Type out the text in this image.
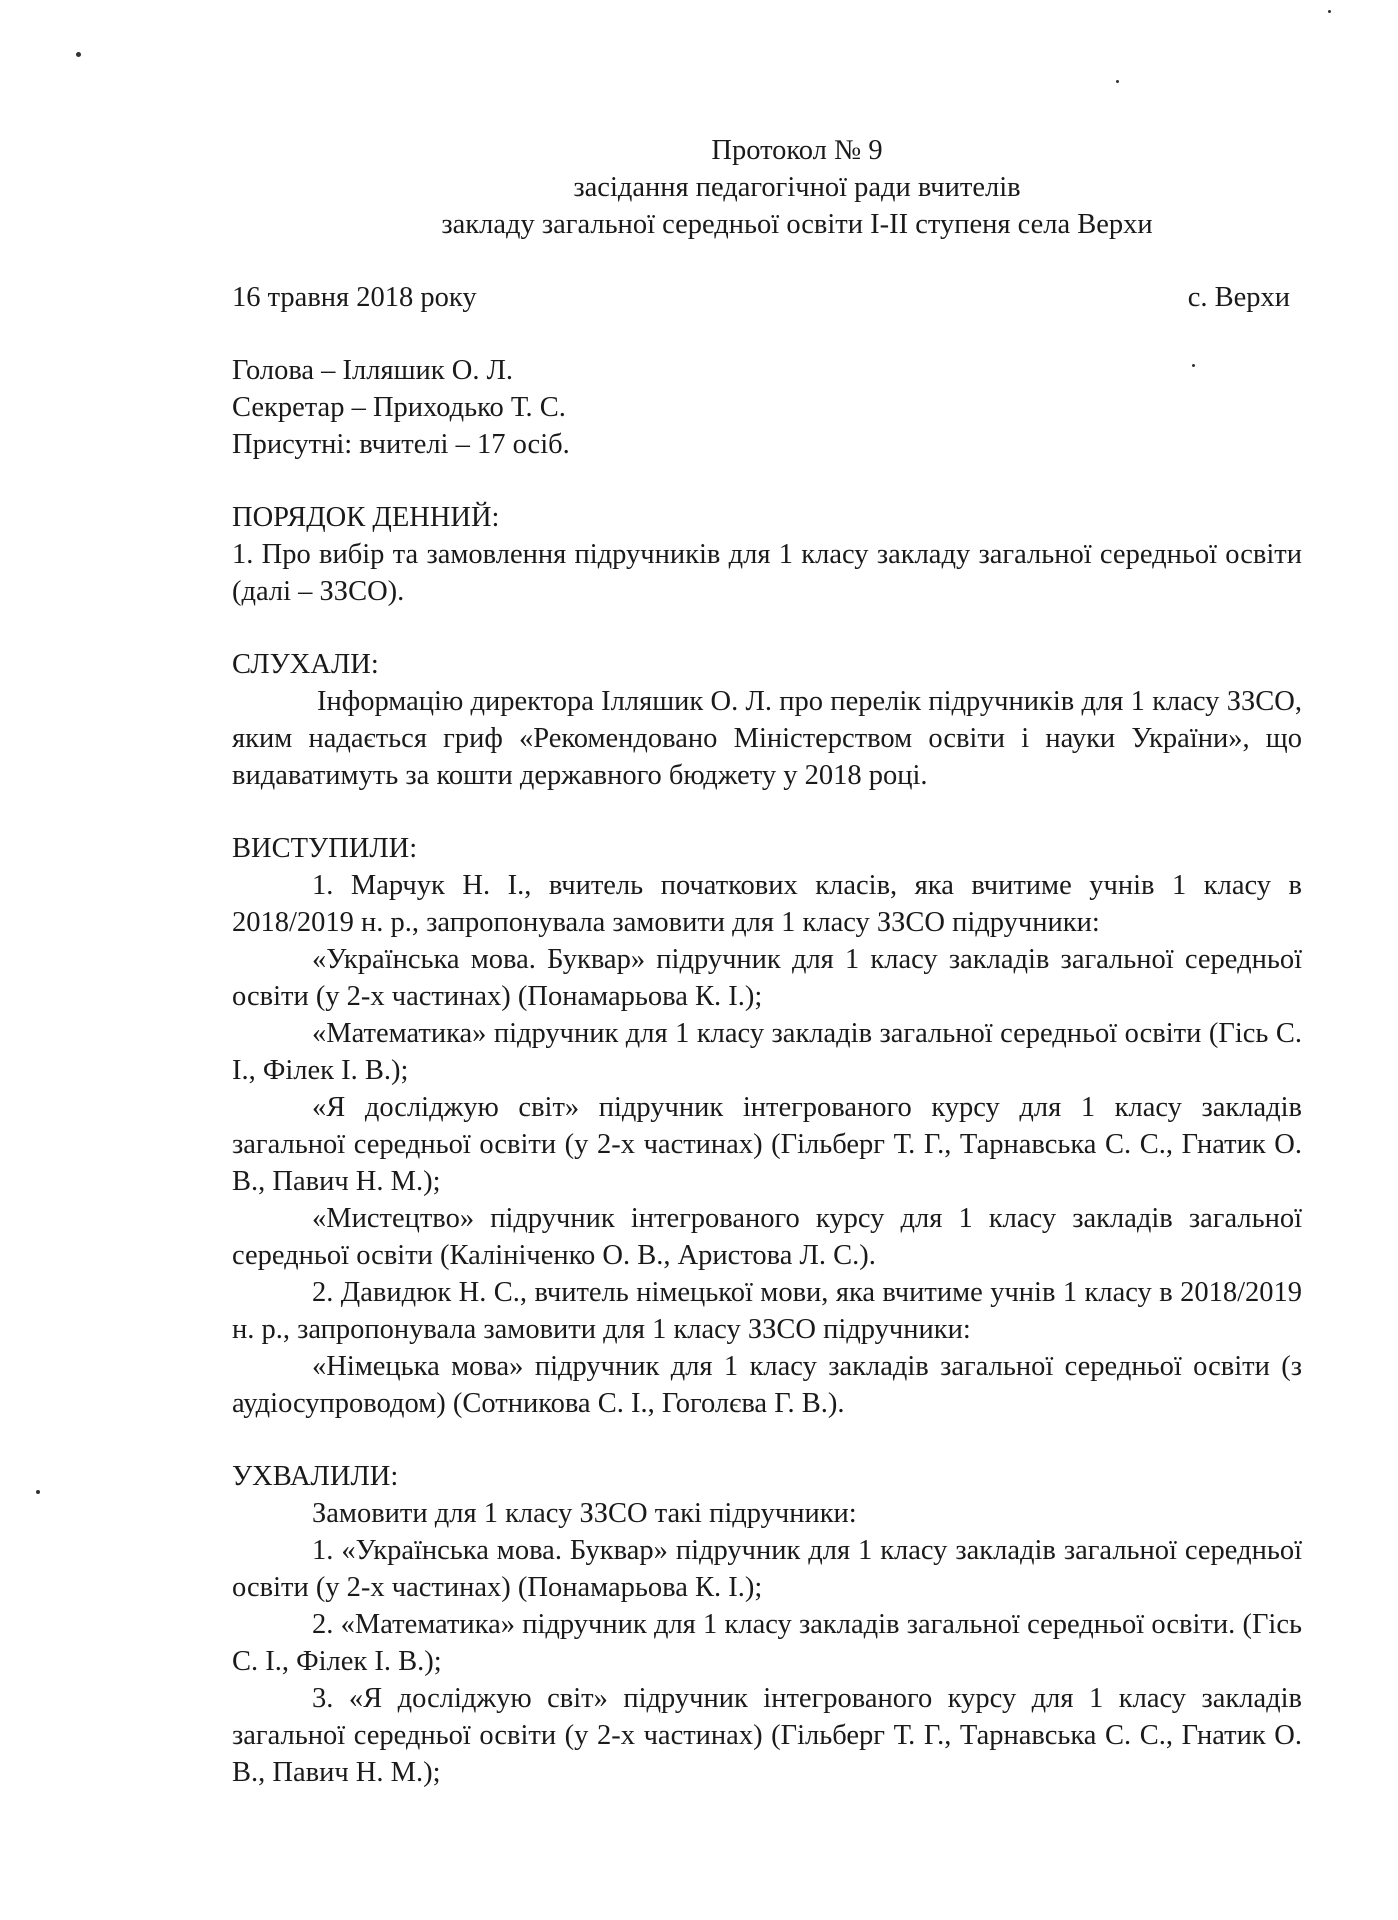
Протокол № 9

засідання педагогічної ради вчителів

закладу загальної середньої освіти І-ІІ ступеня села Верхи

16 травня 2018 року	с. Верхи

Голова – Ілляшик О. Л.

Секретар – Приходько Т. С.

Присутні: вчителі – 17 осіб.

ПОРЯДОК ДЕННИЙ:

1. Про вибір та замовлення підручників для 1 класу закладу загальної середньої освіти (далі – ЗЗСО).

СЛУХАЛИ:

Інформацію директора Ілляшик О. Л. про перелік підручників для 1 класу ЗЗСО, яким надається гриф «Рекомендовано Міністерством освіти і науки України», що видаватимуть за кошти державного бюджету у 2018 році.

ВИСТУПИЛИ:

1. Марчук Н. І., вчитель початкових класів, яка вчитиме учнів 1 класу в 2018/2019 н. р., запропонувала замовити для 1 класу ЗЗСО підручники:

«Українська мова. Буквар» підручник для 1 класу закладів загальної середньої освіти (у 2-х частинах) (Понамарьова К. І.);

«Математика» підручник для 1 класу закладів загальної середньої освіти (Гісь С. І., Філек І. В.);

«Я досліджую світ» підручник інтегрованого курсу для 1 класу закладів загальної середньої освіти (у 2-х частинах) (Гільберг Т. Г., Тарнавська С. С., Гнатик О. В., Павич Н. М.);

«Мистецтво» підручник інтегрованого курсу для 1 класу закладів загальної середньої освіти (Калініченко О. В., Аристова Л. С.).

2. Давидюк Н. С., вчитель німецької мови, яка вчитиме учнів 1 класу в 2018/2019 н. р., запропонувала замовити для 1 класу ЗЗСО підручники:

«Німецька мова» підручник для 1 класу закладів загальної середньої освіти (з аудіосупроводом) (Сотникова С. І., Гоголєва Г. В.).

УХВАЛИЛИ:

Замовити для 1 класу ЗЗСО такі підручники:

1. «Українська мова. Буквар» підручник для 1 класу закладів загальної середньої освіти (у 2-х частинах) (Понамарьова К. І.);

2. «Математика» підручник для 1 класу закладів загальної середньої освіти. (Гісь С. І., Філек І. В.);

3. «Я досліджую світ» підручник інтегрованого курсу для 1 класу закладів загальної середньої освіти (у 2-х частинах) (Гільберг Т. Г., Тарнавська С. С., Гнатик О. В., Павич Н. М.);
